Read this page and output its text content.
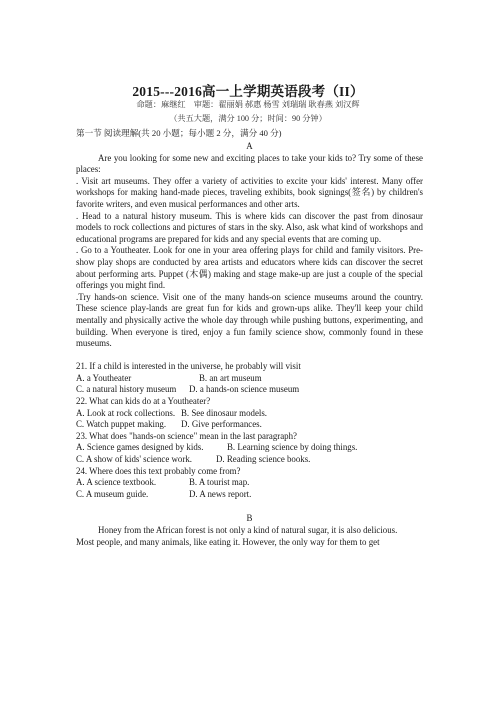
2015---2016高一上学期英语段考（II）
命题：麻继红　审题：翟丽娟 郝惠 杨雪 刘瑞瑞 耿春燕 刘汉辉
（共五大题，满分 100 分；时间：90 分钟）
第一节 阅读理解(共 20 小题；每小题 2 分，满分 40 分)

A

Are you looking for some new and exciting places to take your kids to? Try some of these places:

. Visit art museums. They offer a variety of activities to excite your kids' interest. Many offer workshops for making hand-made pieces, traveling exhibits, book signings(签名) by children's favorite writers, and even musical performances and other arts.

. Head to a natural history museum. This is where kids can discover the past from dinosaur models to rock collections and pictures of stars in the sky. Also, ask what kind of workshops and educational programs are prepared for kids and any special events that are coming up.

. Go to a Youtheater. Look for one in your area offering plays for child and family visitors. Pre-show play shops are conducted by area artists and educators where kids can discover the secret about performing arts. Puppet (木偶) making and stage make-up are just a couple of the special offerings you might find.

.Try hands-on science. Visit one of the many hands-on science museums around the country. These science play-lands are great fun for kids and grown-ups alike. They'll keep your child mentally and physically active the whole day through while pushing buttons, experimenting, and building. When everyone is tired, enjoy a fun family science show, commonly found in these museums.

21. If a child is interested in the universe, he probably will visit

A. a Youtheater	B. an art museum
C. a natural history museum	D. a hands-on science museum

22. What can kids do at a Youtheater?

A. Look at rock collections. B. See dinosaur models.
C. Watch puppet making.	D. Give performances.

23. What does "hands-on science" mean in the last paragraph?

A. Science games designed by kids.	B. Learning science by doing things.
C. A show of kids' science work.	D. Reading science books.

24. Where does this text probably come from?

A. A science textbook.	B. A tourist map.
C. A museum guide.	D. A news report.

B

Honey from the African forest is not only a kind of natural sugar, it is also delicious.

Most people, and many animals, like eating it. However, the only way for them to get
